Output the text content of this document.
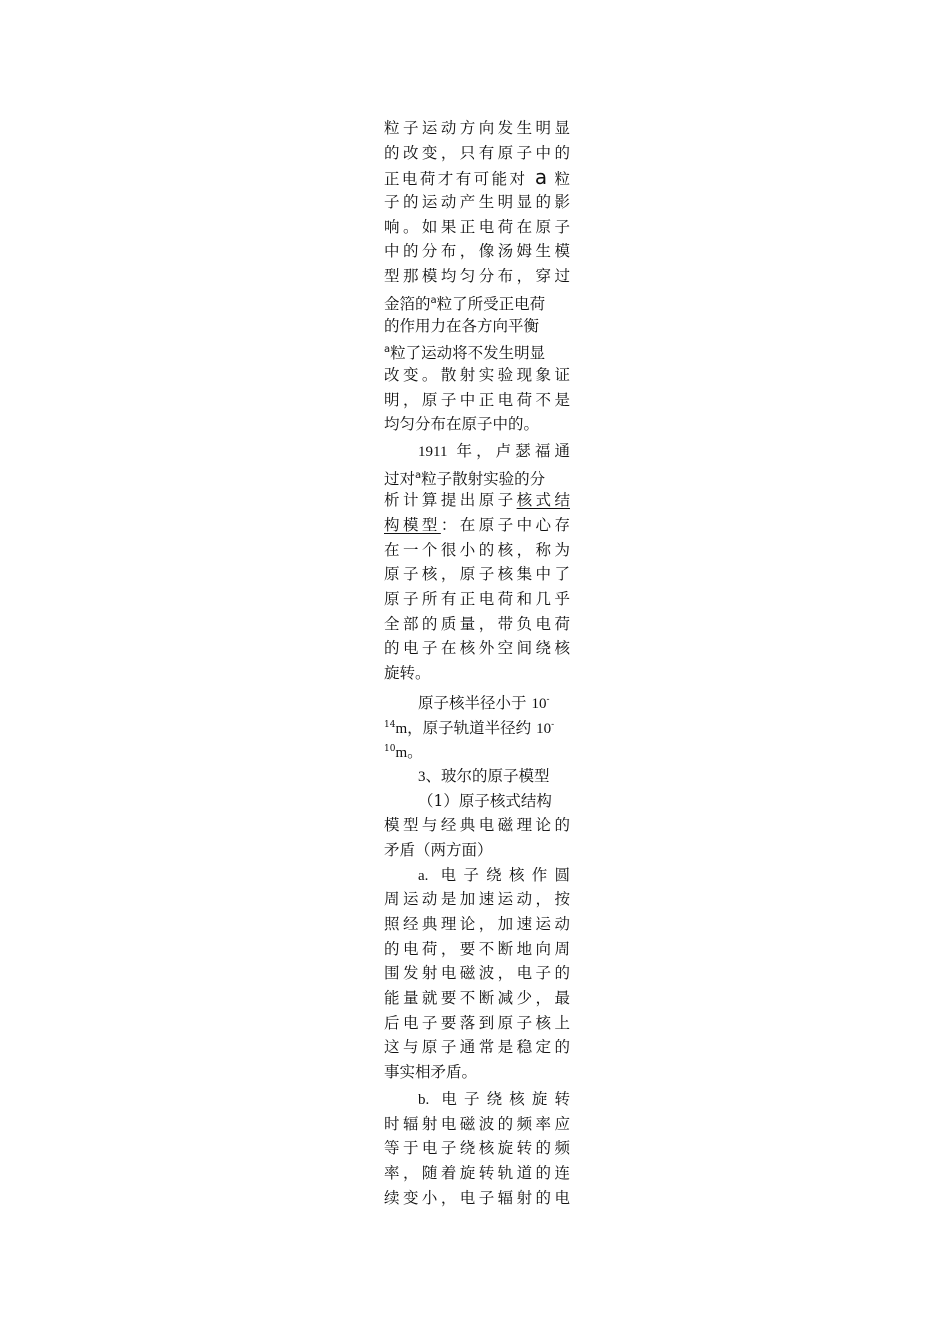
粒子运动方向发生明显
的改变，只有原子中的
正电荷才有可能对 a 粒
子的运动产生明显的影
响。如果正电荷在原子
中的分布，像汤姆生模
型那模均匀分布，穿过
金箔的$^a$粒了所受正电荷
的作用力在各方向平衡
$^a$粒了运动将不发生明显
改变。散射实验现象证
明，原子中正电荷不是
均匀分布在原子中的。
1911 年，卢瑟福通
过对$^a$粒子散射实验的分
析计算提出原子核式结
构模型：在原子中心存
在一个很小的核，称为
原子核，原子核集中了
原子所有正电荷和几乎
全部的质量，带负电荷
的电子在核外空间绕核
旋转。
原子核半径小于 10-
$^{14}$m，原子轨道半径约 10-
$^{10}$m。
3、玻尔的原子模型
（1）原子核式结构
模型与经典电磁理论的
矛盾（两方面）
a. 电子绕核作圆
周运动是加速运动，按
照经典理论，加速运动
的电荷，要不断地向周
围发射电磁波，电子的
能量就要不断减少，最
后电子要落到原子核上
这与原子通常是稳定的
事实相矛盾。
b. 电子绕核旋转
时辐射电磁波的频率应
等于电子绕核旋转的频
率，随着旋转轨道的连
续变小，电子辐射的电
